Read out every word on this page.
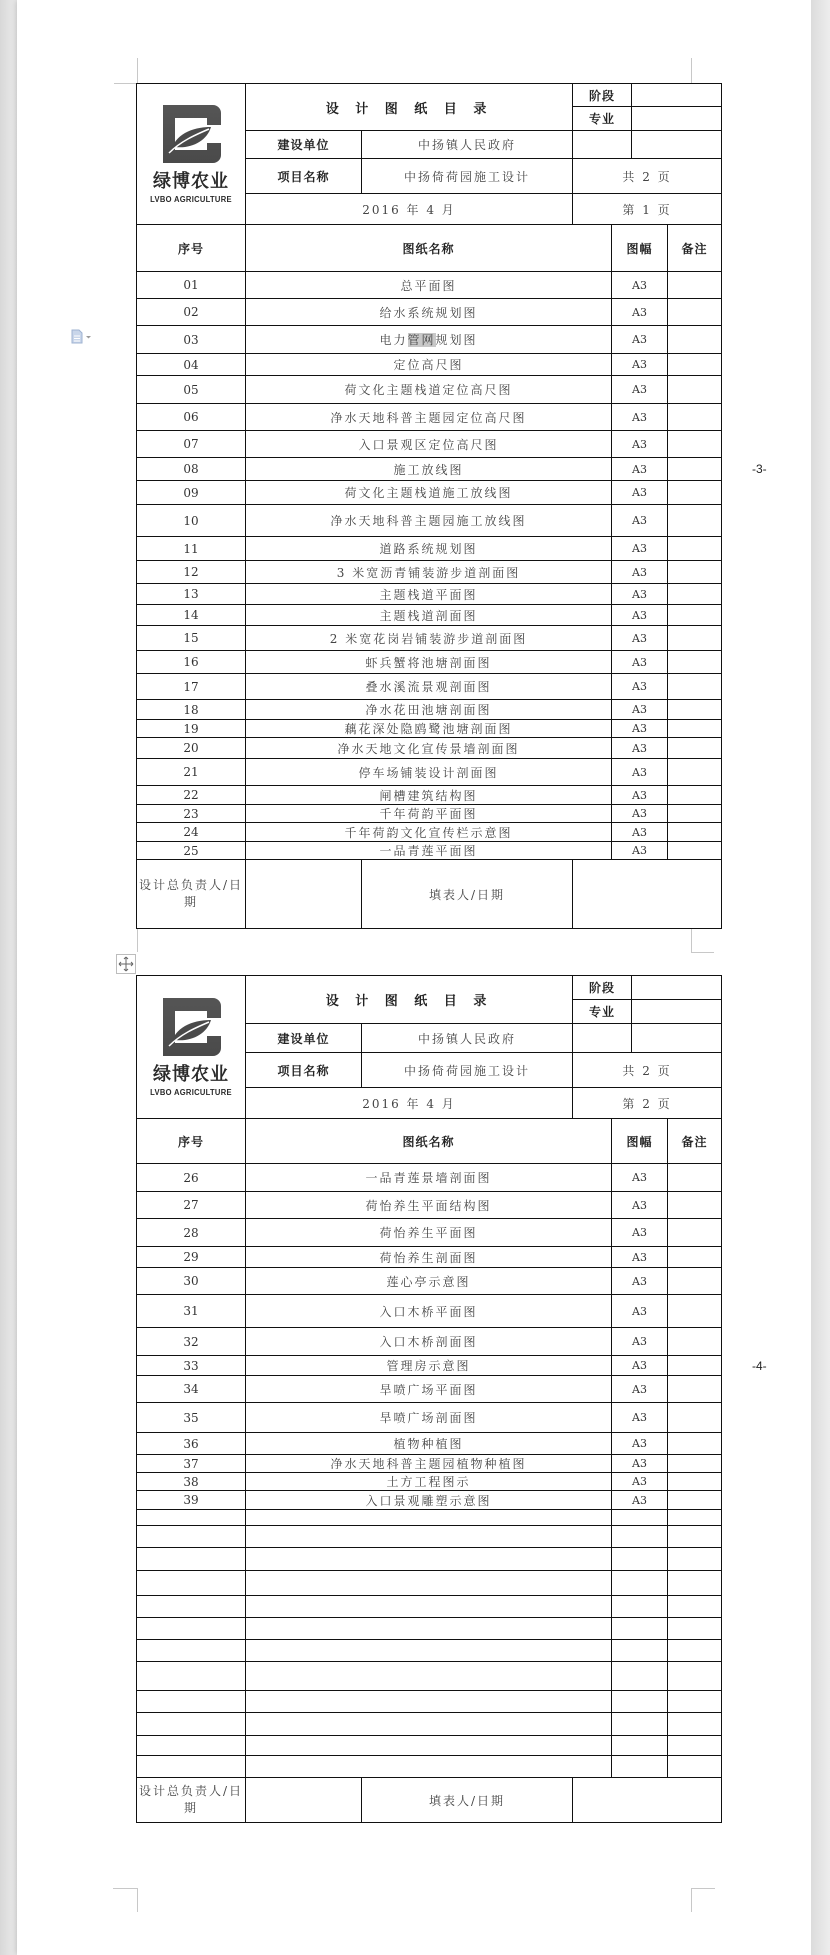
-3-
-4-
绿博农业
LVBO AGRICULTURE	设 计 图 纸 目 录		阶段			
			专业			
	建设单位	中扬镇人民政府				
	项目名称	中扬倚荷园施工设计	共 2 页			
	2016 年 4 月		第 1 页			
序号	图纸名称			图幅		备注
01	总平面图			A3		
02	给水系统规划图			A3		
03	电力管网规划图			A3		
04	定位高尺图			A3		
05	荷文化主题栈道定位高尺图			A3		
06	净水天地科普主题园定位高尺图			A3		
07	入口景观区定位高尺图			A3		
08	施工放线图			A3		
09	荷文化主题栈道施工放线图			A3		
10	净水天地科普主题园施工放线图			A3		
11	道路系统规划图			A3		
12	3 米宽沥青铺装游步道剖面图			A3		
13	主题栈道平面图			A3		
14	主题栈道剖面图			A3		
15	2 米宽花岗岩铺装游步道剖面图			A3		
16	虾兵蟹将池塘剖面图			A3		
17	叠水溪流景观剖面图			A3		
18	净水花田池塘剖面图			A3		
19	藕花深处隐鸥鹭池塘剖面图			A3		
20	净水天地文化宣传景墙剖面图			A3		
21	停车场铺装设计剖面图			A3		
22	闸槽建筑结构图			A3		
23	千年荷韵平面图			A3		
24	千年荷韵文化宣传栏示意图			A3		
25	一品青莲平面图			A3		
设计总负责人/日期		填表人/日期				
绿博农业
LVBO AGRICULTURE	设 计 图 纸 目 录		阶段			
			专业			
	建设单位	中扬镇人民政府				
	项目名称	中扬倚荷园施工设计	共 2 页			
	2016 年 4 月		第 2 页			
序号	图纸名称			图幅		备注
26	一品青莲景墙剖面图			A3		
27	荷怡养生平面结构图			A3		
28	荷怡养生平面图			A3		
29	荷怡养生剖面图			A3		
30	莲心亭示意图			A3		
31	入口木桥平面图			A3		
32	入口木桥剖面图			A3		
33	管理房示意图			A3		
34	旱喷广场平面图			A3		
35	旱喷广场剖面图			A3		
36	植物种植图			A3		
37	净水天地科普主题园植物种植图			A3		
38	土方工程图示			A3		
39	入口景观雕塑示意图			A3		

设计总负责人/日期		填表人/日期				
